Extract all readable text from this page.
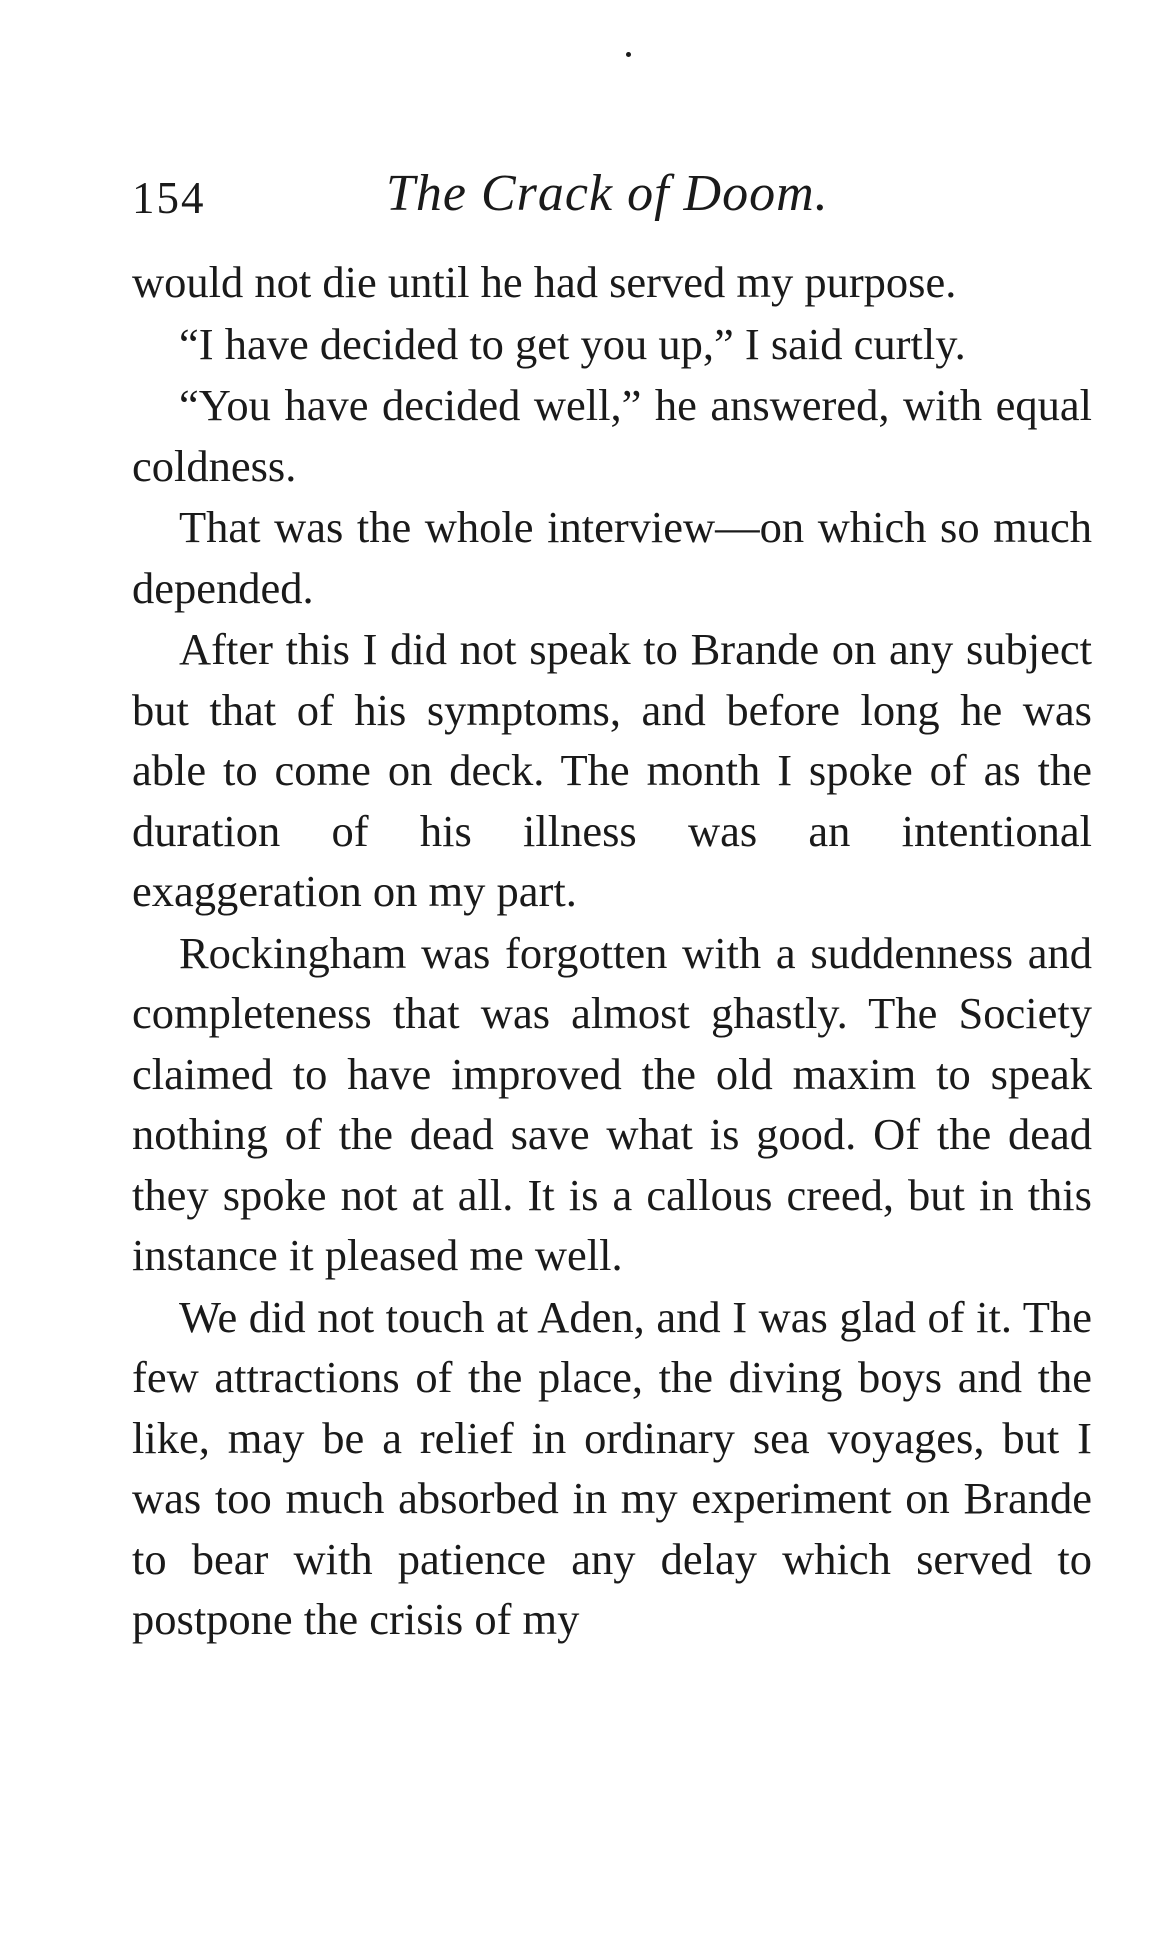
154	The Crack of Doom.

would not die until he had served my purpose.

“I have decided to get you up,” I said curtly.

“You have decided well,” he answered, with equal coldness.

That was the whole interview—on which so much depended.

After this I did not speak to Brande on any subject but that of his symptoms, and before long he was able to come on deck. The month I spoke of as the duration of his illness was an intentional exaggeration on my part.

Rockingham was forgotten with a suddenness and completeness that was almost ghastly. The Society claimed to have improved the old maxim to speak nothing of the dead save what is good. Of the dead they spoke not at all. It is a callous creed, but in this instance it pleased me well.

We did not touch at Aden, and I was glad of it. The few attractions of the place, the diving boys and the like, may be a relief in ordinary sea voyages, but I was too much absorbed in my experiment on Brande to bear with patience any delay which served to postpone the crisis of my
